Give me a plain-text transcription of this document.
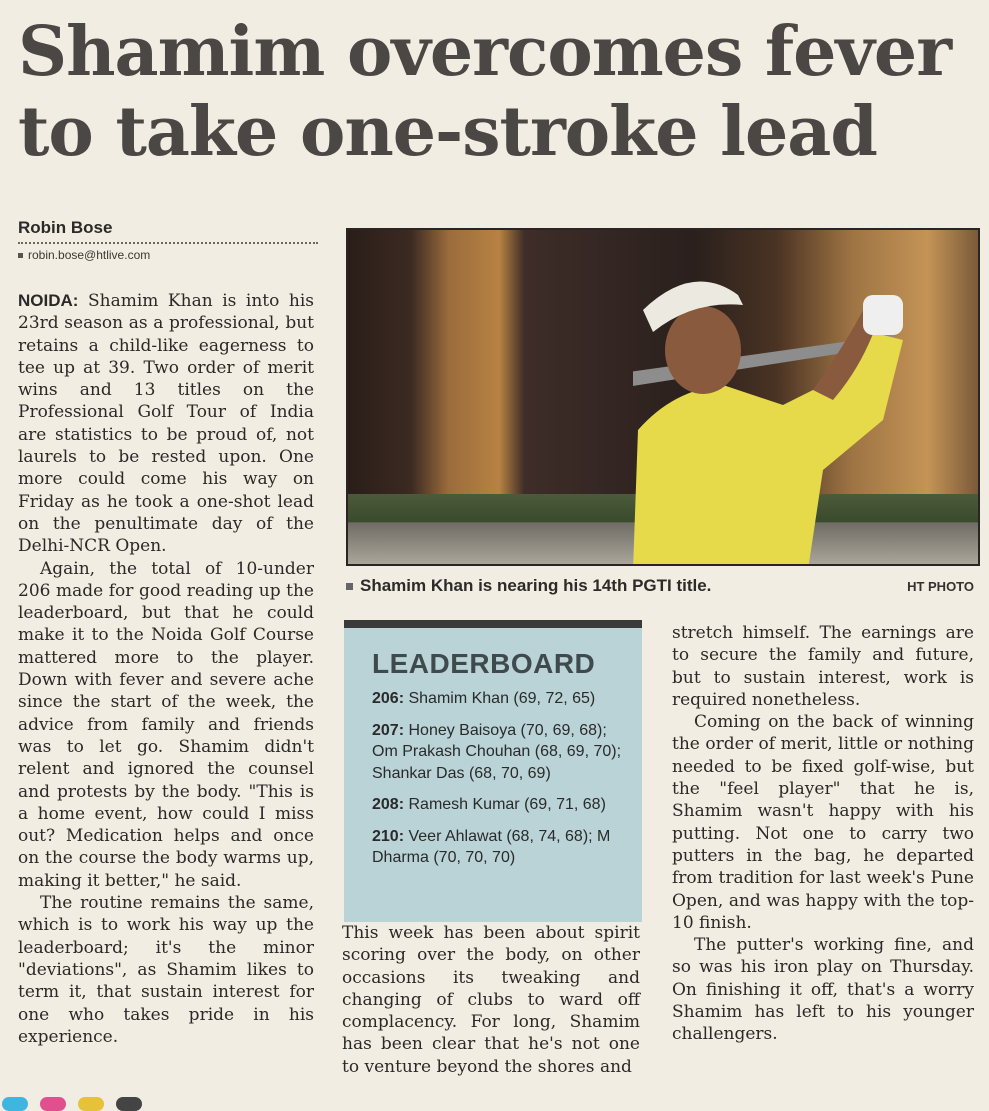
Shamim overcomes fever
to take one-stroke lead
Robin Bose
robin.bose@htlive.com

NOIDA: Shamim Khan is into his 23rd season as a professional, but retains a child-like eagerness to tee up at 39. Two order of merit wins and 13 titles on the Professional Golf Tour of India are statistics to be proud of, not laurels to be rested upon. One more could come his way on Friday as he took a one-shot lead on the penultimate day of the Delhi-NCR Open.

Again, the total of 10-under 206 made for good reading up the leaderboard, but that he could make it to the Noida Golf Course mattered more to the player. Down with fever and severe ache since the start of the week, the advice from family and friends was to let go. Shamim didn't relent and ignored the counsel and protests by the body. "This is a home event, how could I miss out? Medication helps and once on the course the body warms up, making it better," he said.

The routine remains the same, which is to work his way up the leaderboard; it's the minor "deviations", as Shamim likes to term it, that sustain interest for one who takes pride in his experience.

Shamim Khan is nearing his 14th PGTI title.	HT PHOTO
LEADERBOARD
206: Shamim Khan (69, 72, 65)
207: Honey Baisoya (70, 69, 68); Om Prakash Chouhan (68, 69, 70); Shankar Das (68, 70, 69)
208: Ramesh Kumar (69, 71, 68)
210: Veer Ahlawat (68, 74, 68); M Dharma (70, 70, 70)

This week has been about spirit scoring over the body, on other occasions its tweaking and changing of clubs to ward off complacency. For long, Shamim has been clear that he's not one to venture beyond the shores and

stretch himself. The earnings are to secure the family and future, but to sustain interest, work is required nonetheless.

Coming on the back of winning the order of merit, little or nothing needed to be fixed golf-wise, but the "feel player" that he is, Shamim wasn't happy with his putting. Not one to carry two putters in the bag, he departed from tradition for last week's Pune Open, and was happy with the top-10 finish.

The putter's working fine, and so was his iron play on Thursday. On finishing it off, that's a worry Shamim has left to his younger challengers.
